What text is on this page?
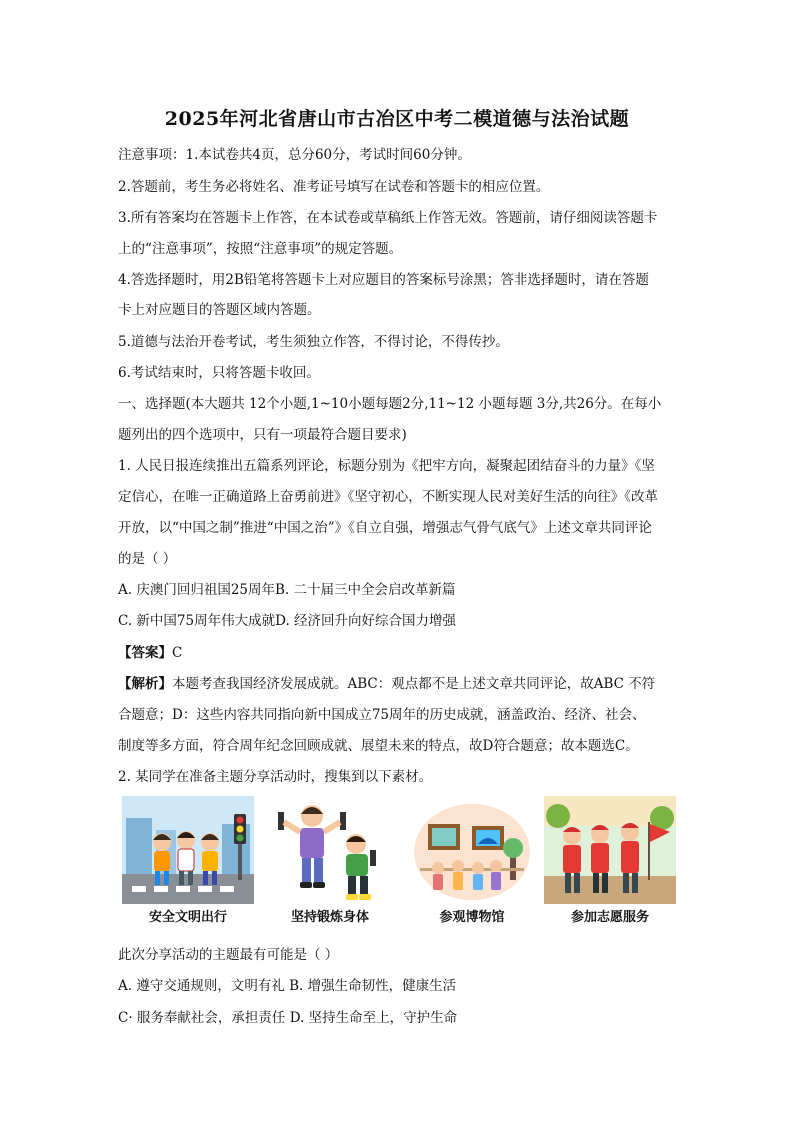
2025年河北省唐山市古冶区中考二模道德与法治试题
注意事项：1.本试卷共4页，总分60分，考试时间60分钟。
2.答题前，考生务必将姓名、准考证号填写在试卷和答题卡的相应位置。
3.所有答案均在答题卡上作答，在本试卷或草稿纸上作答无效。答题前，请仔细阅读答题卡
上的“注意事项”，按照“注意事项”的规定答题。
4.答选择题时，用2B铅笔将答题卡上对应题目的答案标号涂黑；答非选择题时，请在答题
卡上对应题目的答题区域内答题。
5.道德与法治开卷考试，考生须独立作答，不得讨论，不得传抄。
6.考试结束时，只将答题卡收回。
一、选择题(本大题共 12个小题,1~10小题每题2分,11~12 小题每题 3分,共26分。在每小
题列出的四个选项中，只有一项最符合题目要求)
1. 人民日报连续推出五篇系列评论，标题分别为《把牢方向，凝聚起团结奋斗的力量》《坚
定信心，在唯一正确道路上奋勇前进》《坚守初心，不断实现人民对美好生活的向往》《改革
开放，以“中国之制”推进“中国之治”》《自立自强，增强志气骨气底气》上述文章共同评论
的是（ ）
A. 庆澳门回归祖国25周年B. 二十届三中全会启改革新篇
C. 新中国75周年伟大成就D. 经济回升向好综合国力增强
【答案】C
【解析】本题考查我国经济发展成就。ABC：观点都不是上述文章共同评论，故ABC 不符
合题意；D：这些内容共同指向新中国成立75周年的历史成就，涵盖政治、经济、社会、
制度等多方面，符合周年纪念回顾成就、展望未来的特点，故D符合题意；故本题选C。
2. 某同学在准备主题分享活动时，搜集到以下素材。
安全文明出行	坚持锻炼身体	参观博物馆	参加志愿服务
此次分享活动的主题最有可能是（ ）
A. 遵守交通规则，文明有礼 B. 增强生命韧性，健康生活
C· 服务奉献社会，承担责任 D. 坚持生命至上，守护生命
